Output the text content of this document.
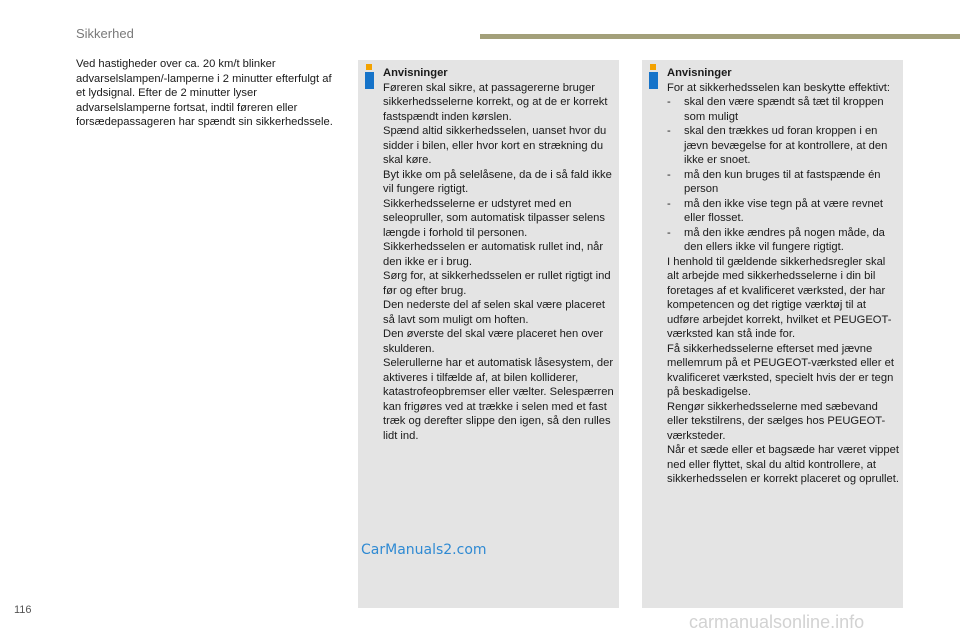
Sikkerhed
Ved hastigheder over ca. 20 km/t blinker advarselslampen/-lamperne i 2 minutter efterfulgt af et lydsignal. Efter de 2 minutter lyser advarselslamperne fortsat, indtil føreren eller forsædepassageren har spændt sin sikkerhedssele.
Anvisninger

Føreren skal sikre, at passagererne bruger sikkerhedsselerne korrekt, og at de er korrekt fastspændt inden kørslen.

Spænd altid sikkerhedsselen, uanset hvor du sidder i bilen, eller hvor kort en strækning du skal køre.

Byt ikke om på selelåsene, da de i så fald ikke vil fungere rigtigt.

Sikkerhedsselerne er udstyret med en seleopruller, som automatisk tilpasser selens længde i forhold til personen.

Sikkerhedsselen er automatisk rullet ind, når den ikke er i brug.

Sørg for, at sikkerhedsselen er rullet rigtigt ind før og efter brug.

Den nederste del af selen skal være placeret så lavt som muligt om hoften.

Den øverste del skal være placeret hen over skulderen.

Selerullerne har et automatisk låsesystem, der aktiveres i tilfælde af, at bilen kolliderer, katastrofeopbremser eller vælter. Selespærren kan frigøres ved at trække i selen med et fast træk og derefter slippe den igen, så den rulles lidt ind.

Anvisninger

For at sikkerhedsselen kan beskytte effektivt:

- skal den være spændt så tæt til kroppen som muligt
- skal den trækkes ud foran kroppen i en jævn bevægelse for at kontrollere, at den ikke er snoet.
- må den kun bruges til at fastspænde én person
- må den ikke vise tegn på at være revnet eller flosset.
- må den ikke ændres på nogen måde, da den ellers ikke vil fungere rigtigt.

I henhold til gældende sikkerhedsregler skal alt arbejde med sikkerhedsselerne i din bil foretages af et kvalificeret værksted, der har kompetencen og det rigtige værktøj til at udføre arbejdet korrekt, hvilket et PEUGEOT-værksted kan stå inde for.

Få sikkerhedsselerne efterset med jævne mellemrum på et PEUGEOT-værksted eller et kvalificeret værksted, specielt hvis der er tegn på beskadigelse.

Rengør sikkerhedsselerne med sæbevand eller tekstilrens, der sælges hos PEUGEOT-værksteder.

Når et sæde eller et bagsæde har været vippet ned eller flyttet, skal du altid kontrollere, at sikkerhedsselen er korrekt placeret og oprullet.

116
CarManuals2.com
carmanualsonline.info
